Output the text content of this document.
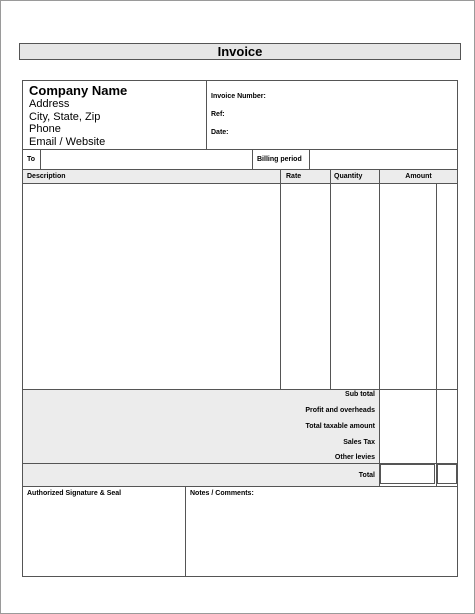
Invoice
Company Name
Address
City, State, Zip
Phone
Email / Website
Invoice Number:
Ref:
Date:
To	Billing period
Description	Rate	Quantity	Amount
Sub total
Profit and overheads
Total taxable amount
Sales Tax
Other levies
Total
Authorized Signature & Seal	Notes / Comments:
